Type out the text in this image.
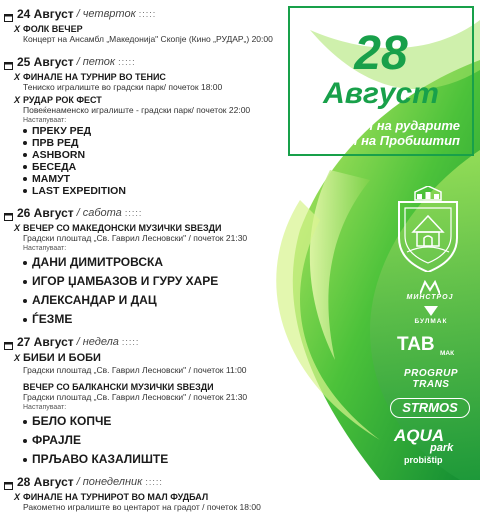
24 Август / четврток :::::
X ФОЛК ВЕЧЕР
Концерт на Ансамбл „Македонија" Скопје (Кино „РУДАР„) 20:00
25 Август / петок :::::
X ФИНАЛЕ НА ТУРНИР ВО ТЕНИС
Тениско игралиште во градски парк/ почеток 18:00
X РУДАР РОК ФЕСТ
Повеќенаменско игралиште - градски парк/ почеток 22:00
Настапуваат:
ПРЕКУ РЕД
ПРВ РЕД
ASHBORN
БЕСЕДА
МАМУТ
LAST EXPEDITION
26 Август / сабота :::::
X ВЕЧЕР СО МАКЕДОНСКИ МУЗИЧКИ ЅВЕЗДИ
Градски плоштад „Св. Гаврил Лесновски" / почеток 21:30
Настапуваат:
ДАНИ ДИМИТРОВСКА
ИГОР ЏАМБАЗОВ И ГУРУ ХАРЕ
АЛЕКСАНДАР И ДАЦ
ЃЕЗМЕ
27 Август / недела :::::
X БИБИ И БОБИ
Градски плоштад „Св. Гаврил Лесновски" / почеток 11:00
ВЕЧЕР СО БАЛКАНСКИ МУЗИЧКИ ЅВЕЗДИ
Градски плоштад „Св. Гаврил Лесновски" / почеток 21:30
Настапуваат:
БЕЛО КОПЧЕ
ФРАЈЛЕ
ПРЉАВО КАЗАЛИШТЕ
28 Август / понеделник :::::
X ФИНАЛЕ НА ТУРНИРОТ ВО МАЛ ФУДБАЛ
Ракометно игралиште во центарот на градот / почеток 18:00
28
Август
Ден на рударите
Ден на Пробиштип
МИНСТРОЈ
БУЛМАК
TAB МАК
PROGRUP
TRANS
STRMOS
AQUA
park
probištip
